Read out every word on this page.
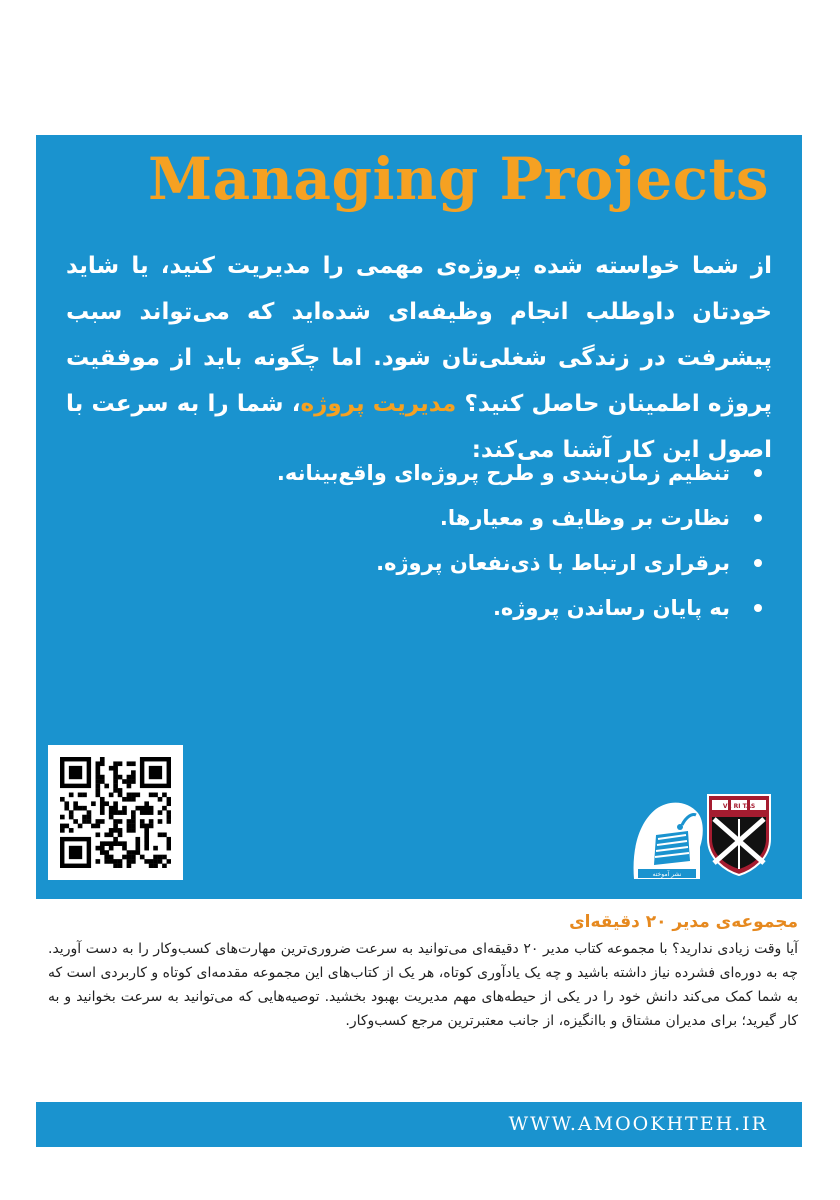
Managing Projects

از شما خواسته شده پروژه‌ی مهمی را مدیریت کنید، یا شاید خودتان داوطلب انجام وظیفه‌ای شده‌اید که می‌تواند سبب پیشرفت در زندگی شغلی‌تان شود. اما چگونه باید از موفقیت پروژه اطمینان حاصل کنید؟ مدیریت پروژه، شما را به سرعت با اصول این کار آشنا می‌کند:

تنظیم زمان‌بندی و طرح پروژه‌ای واقع‌بینانه.
نظارت بر وظایف و معیارها.
برقراری ارتباط با ذی‌نفعان پروژه.
به پایان رساندن پروژه.
نشر آموخته
VE RI TAS
مجموعه‌ی مدیر ۲۰ دقیقه‌ای

آیا وقت زیادی ندارید؟ با مجموعه کتاب مدیر ۲۰ دقیقه‌ای می‌توانید به سرعت ضروری‌ترین مهارت‌های کسب‌وکار را به دست آورید. چه به دوره‌ای فشرده نیاز داشته باشید و چه یک یادآوری کوتاه، هر یک از کتاب‌های این مجموعه مقدمه‌ای کوتاه و کاربردی است که به شما کمک می‌کند دانش خود را در یکی از حیطه‌های مهم مدیریت بهبود بخشید. توصیه‌هایی که می‌توانید به سرعت بخوانید و به کار گیرید؛ برای مدیران مشتاق و باانگیزه، از جانب معتبرترین مرجع کسب‌وکار.

WWW.AMOOKHTEH.IR
